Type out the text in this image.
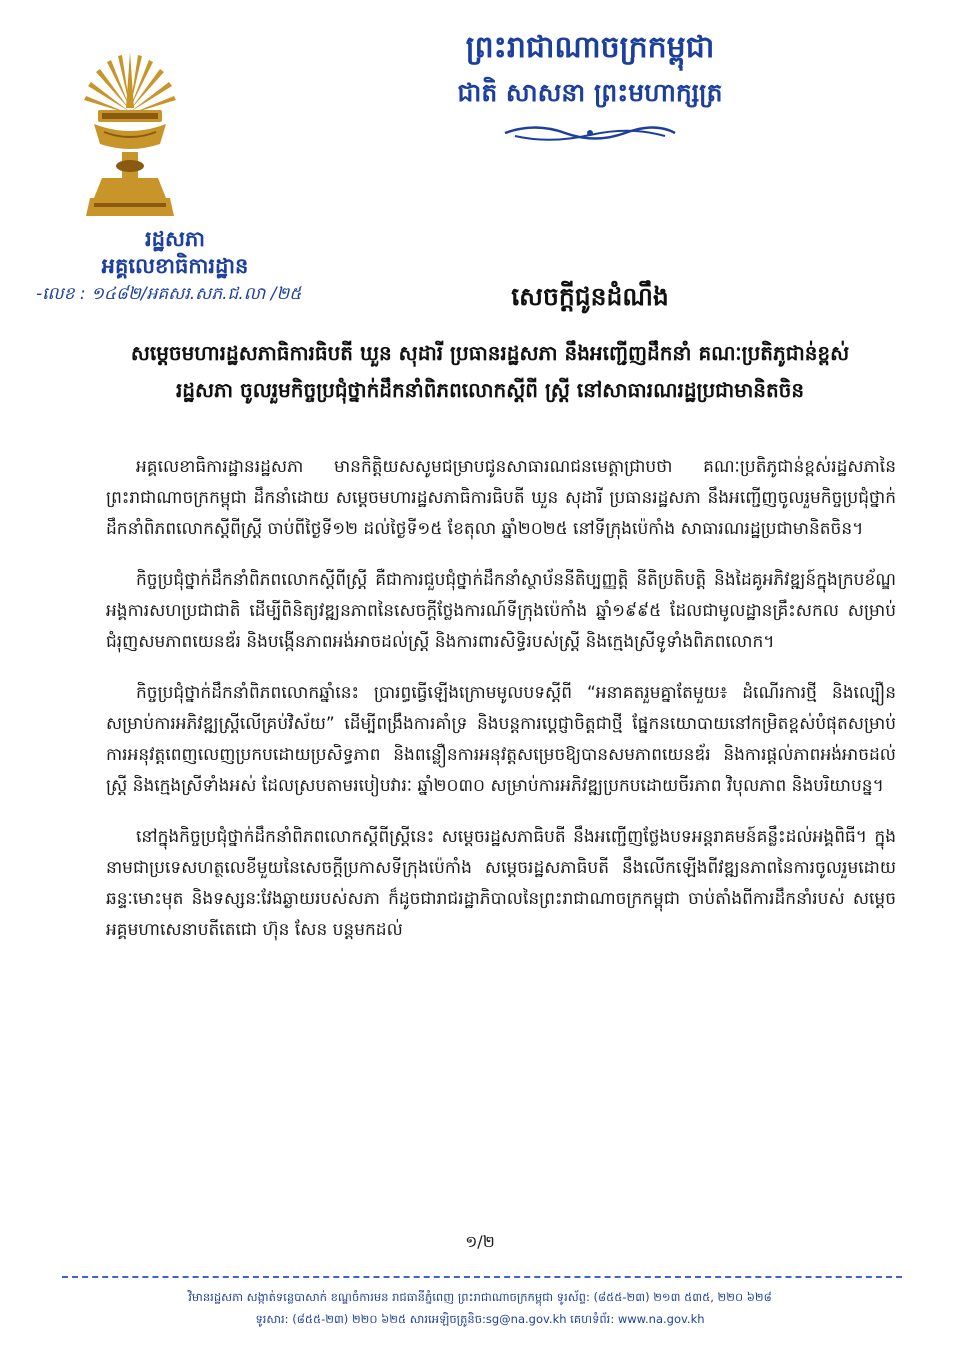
ព្រះរាជាណាចក្រកម្ពុជា
ជាតិ សាសនា ព្រះមហាក្សត្រ
រដ្ឋសភា
អគ្គលេខាធិការដ្ឋាន
-លេខ : ១៤៨២/អគសរ.សភ.ជ.លា /២៥	សេចក្ដីជូនដំណឹង
សម្ដេចមហារដ្ឋសភាធិការធិបតី ឃួន សុដារី ប្រធានរដ្ឋសភា នឹងអញ្ជើញដឹកនាំ គណៈប្រតិភូជាន់ខ្ពស់រដ្ឋសភា ចូលរួមកិច្ចប្រជុំថ្នាក់ដឹកនាំពិភពលោកស្ដីពី ស្ត្រី នៅសាធារណរដ្ឋប្រជាមានិតចិន

អគ្គលេខាធិការដ្ឋានរដ្ឋសភា មានកិត្តិយសសូមជម្រាបជូនសាធារណជនមេត្តាជ្រាបថា គណៈប្រតិភូជាន់ខ្ពស់រដ្ឋសភានៃព្រះរាជាណាចក្រកម្ពុជា ដឹកនាំដោយ សម្ដេចមហារដ្ឋសភាធិការធិបតី ឃួន សុដារី ប្រធានរដ្ឋសភា នឹងអញ្ជើញចូលរួមកិច្ចប្រជុំថ្នាក់ដឹកនាំពិភពលោកស្ដីពីស្ត្រី ចាប់ពីថ្ងៃទី១២ ដល់ថ្ងៃទី១៥ ខែតុលា ឆ្នាំ២០២៥ នៅទីក្រុងប៉េកាំង សាធារណរដ្ឋប្រជាមានិតចិន។

កិច្ចប្រជុំថ្នាក់ដឹកនាំពិភពលោកស្ដីពីស្ត្រី គឺជាការជួបជុំថ្នាក់ដឹកនាំស្ថាប័ននីតិប្បញ្ញត្តិ នីតិប្រតិបត្តិ និងដៃគូអភិវឌ្ឍន៍ក្នុងក្របខ័ណ្ឌអង្គការសហប្រជាជាតិ ដើម្បីពិនិត្យវឌ្ឍនភាពនៃសេចក្ដីថ្លែងការណ៍ទីក្រុងប៉េកាំង ឆ្នាំ១៩៩៥ ដែលជាមូលដ្ឋានគ្រឹះសកល សម្រាប់ជំរុញសមភាពយេនឌ័រ និងបង្កើនភាពអង់អាចដល់ស្ត្រី និងការពារសិទ្ធិរបស់ស្ត្រី និងក្មេងស្រីទូទាំងពិភពលោក។

កិច្ចប្រជុំថ្នាក់ដឹកនាំពិភពលោកឆ្នាំនេះ ប្រារព្ធធ្វើឡើងក្រោមមូលបទស្ដីពី “អនាគតរួមគ្នាតែមួយ៖ ដំណើរការថ្មី និងល្បឿនសម្រាប់ការអភិវឌ្ឍស្ត្រីលើគ្រប់វិស័យ” ដើម្បីពង្រឹងការគាំទ្រ និងបន្តការប្ដេជ្ញាចិត្តជាថ្មី ផ្នែកនយោបាយនៅកម្រិតខ្ពស់បំផុតសម្រាប់ការអនុវត្តពេញលេញប្រកបដោយប្រសិទ្ធភាព និងពន្លឿនការអនុវត្តសម្រេចឱ្យបានសមភាពយេនឌ័រ និងការផ្ដល់ភាពអង់អាចដល់ស្ត្រី និងក្មេងស្រីទាំងអស់ ដែលស្របតាមរបៀបវារៈ ឆ្នាំ២០៣០ សម្រាប់ការអភិវឌ្ឍប្រកបដោយចីរភាព វិបុលភាព និងបរិយាបន្ន។

នៅក្នុងកិច្ចប្រជុំថ្នាក់ដឹកនាំពិភពលោកស្ដីពីស្ត្រីនេះ សម្ដេចរដ្ឋសភាធិបតី នឹងអញ្ជើញថ្លែងបទអន្តរាគមន៍គន្លឹះដល់អង្គពិធី។ ក្នុងនាមជាប្រទេសហត្ថលេខីមួយនៃសេចក្ដីប្រកាសទីក្រុងប៉េកាំង សម្ដេចរដ្ឋសភាធិបតី នឹងលើកឡើងពីវឌ្ឍនភាពនៃការចូលរួមដោយឆន្ទៈមោះមុត និងទស្សនៈវែងឆ្ងាយរបស់សភា ក៏ដូចជារាជរដ្ឋាភិបាលនៃព្រះរាជាណាចក្រកម្ពុជា ចាប់តាំងពីការដឹកនាំរបស់ សម្ដេចអគ្គមហាសេនាបតីតេជោ ហ៊ុន សែន បន្តមកដល់

១/២
វិមានរដ្ឋសភា សង្កាត់ទន្លេបាសាក់ ខណ្ឌចំការមន រាជធានីភ្នំពេញ ព្រះរាជាណាចក្រកម្ពុជា ទូរស័ព្ទ: (៨៥៥-២៣) ២១៣ ៥៣៥, ២២០ ៦២៨
ទូរសារ: (៨៥៥-២៣) ២២០ ៦២៥ សារអេឡិចត្រូនិច:sg@na.gov.kh គេហទំព័រ: www.na.gov.kh
